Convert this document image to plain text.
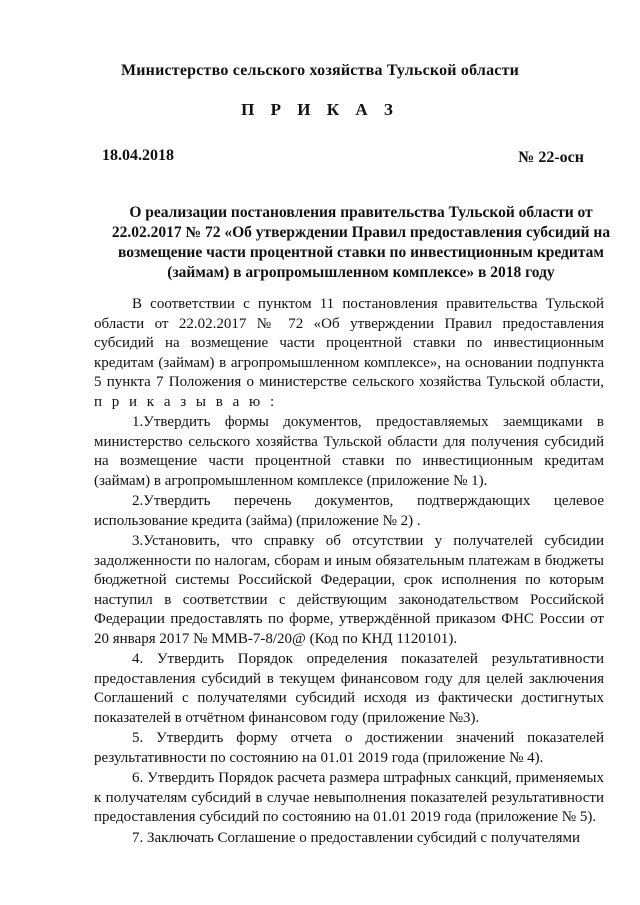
Министерство сельского хозяйства Тульской области
П Р И К А З
18.04.2018	№ 22-осн
О реализации постановления правительства Тульской области от
22.02.2017 № 72 «Об утверждении Правил предоставления субсидий на
возмещение части процентной ставки по инвестиционным кредитам
(займам) в агропромышленном комплексе» в 2018 году

В соответствии с пунктом 11 постановления правительства Тульской области от 22.02.2017 № 72 «Об утверждении Правил предоставления субсидий на возмещение части процентной ставки по инвестиционным кредитам (займам) в агропромышленном комплексе», на основании подпункта 5 пункта 7 Положения о министерстве сельского хозяйства Тульской области, п р и к а з ы в а ю :

1.Утвердить формы документов, предоставляемых заемщиками в министерство сельского хозяйства Тульской области для получения субсидий на возмещение части процентной ставки по инвестиционным кредитам (займам) в агропромышленном комплексе (приложение № 1).

2.Утвердить перечень документов, подтверждающих целевое использование кредита (займа) (приложение № 2) .

3.Установить, что справку об отсутствии у получателей субсидии задолженности по налогам, сборам и иным обязательным платежам в бюджеты бюджетной системы Российской Федерации, срок исполнения по которым наступил в соответствии с действующим законодательством Российской Федерации предоставлять по форме, утверждённой приказом ФНС России от 20 января 2017 № ММВ-7-8/20@ (Код по КНД 1120101).

4. Утвердить Порядок определения показателей результативности предоставления субсидий в текущем финансовом году для целей заключения Соглашений с получателями субсидий исходя из фактически достигнутых показателей в отчётном финансовом году (приложение №3).

5. Утвердить форму отчета о достижении значений показателей результативности по состоянию на 01.01 2019 года (приложение № 4).

6. Утвердить Порядок расчета размера штрафных санкций, применяемых к получателям субсидий в случае невыполнения показателей результативности предоставления субсидий по состоянию на 01.01 2019 года (приложение № 5).

7. Заключать Соглашение о предоставлении субсидий с получателями
